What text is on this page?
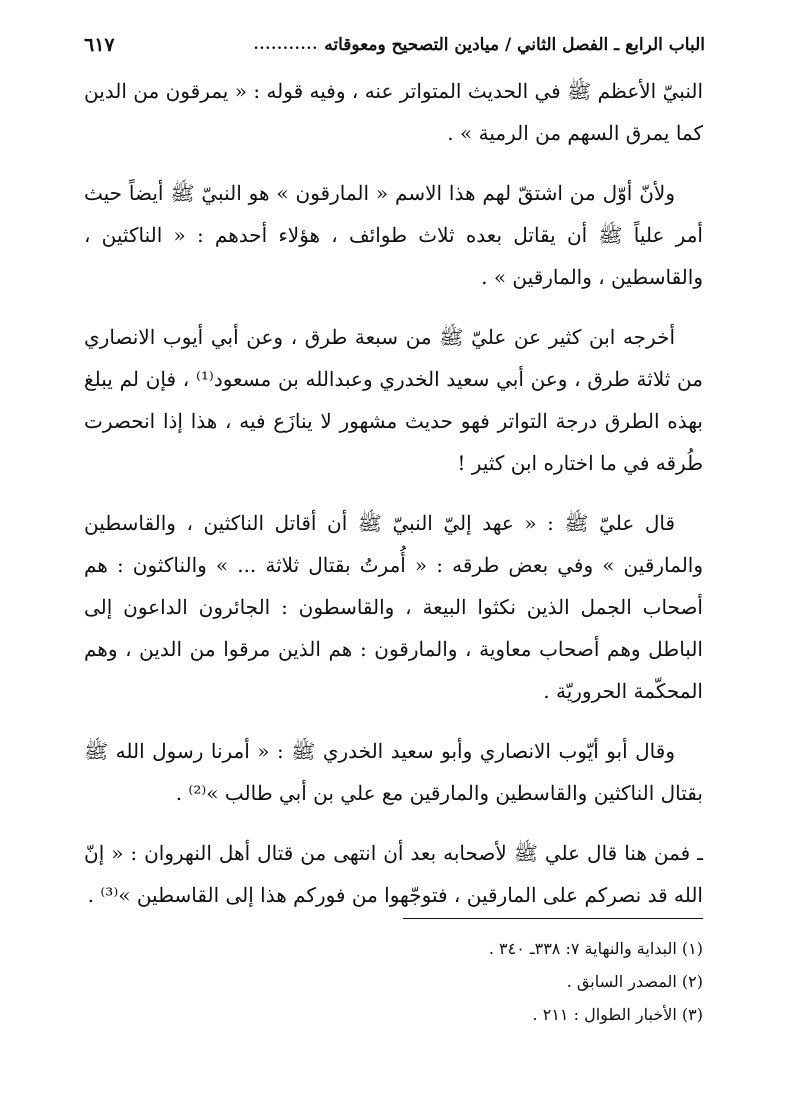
الباب الرابع ـ الفصل الثاني / ميادين التصحيح ومعوقاته
...........
٦١٧

النبيّ الأعظم ﷺ في الحديث المتواتر عنه ، وفيه قوله : « يمرقون من الدين كما يمرق السهم من الرمية » .

ولأنّ أوّل من اشتقّ لهم هذا الاسم « المارقون » هو النبيّ ﷺ أيضاً حيث أمر علياً ﷺ أن يقاتل بعده ثلاث طوائف ، هؤلاء أحدهم : « الناكثين ، والقاسطين ، والمارقين » .

أخرجه ابن كثير عن عليّ ﷺ من سبعة طرق ، وعن أبي أيوب الانصاري من ثلاثة طرق ، وعن أبي سعيد الخدري وعبدالله بن مسعود⁽¹⁾ ، فإن لم يبلغ بهذه الطرق درجة التواتر فهو حديث مشهور لا ينازَع فيه ، هذا إذا انحصرت طُرقه في ما اختاره ابن كثير !

قال عليّ ﷺ : « عهد إليّ النبيّ ﷺ أن أقاتل الناكثين ، والقاسطين والمارقين » وفي بعض طرقه : « أُمرتُ بقتال ثلاثة ... » والناكثون : هم أصحاب الجمل الذين نكثوا البيعة ، والقاسطون : الجائرون الداعون إلى الباطل وهم أصحاب معاوية ، والمارقون : هم الذين مرقوا من الدين ، وهم المحكّمة الحروريّة .

وقال أبو أيّوب الانصاري وأبو سعيد الخدري ﷺ : « أمرنا رسول الله ﷺ بقتال الناكثين والقاسطين والمارقين مع علي بن أبي طالب »⁽²⁾ .

ـ فمن هنا قال علي ﷺ لأصحابه بعد أن انتهى من قتال أهل النهروان : « إنّ الله قد نصركم على المارقين ، فتوجّهوا من فوركم هذا إلى القاسطين »⁽³⁾ .

(١) البداية والنهاية ٧: ٣٣٨ـ ٣٤٠ .
(٢) المصدر السابق .
(٣) الأخبار الطوال : ٢١١ .
